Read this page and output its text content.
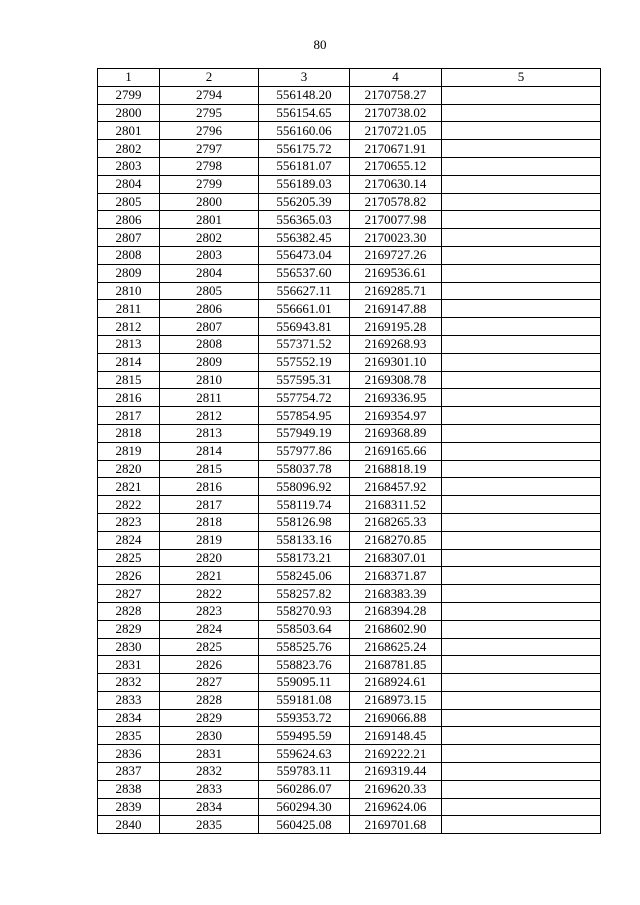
80
1	2	3	4	5
2799	2794	556148.20	2170758.27	
2800	2795	556154.65	2170738.02	
2801	2796	556160.06	2170721.05	
2802	2797	556175.72	2170671.91	
2803	2798	556181.07	2170655.12	
2804	2799	556189.03	2170630.14	
2805	2800	556205.39	2170578.82	
2806	2801	556365.03	2170077.98	
2807	2802	556382.45	2170023.30	
2808	2803	556473.04	2169727.26	
2809	2804	556537.60	2169536.61	
2810	2805	556627.11	2169285.71	
2811	2806	556661.01	2169147.88	
2812	2807	556943.81	2169195.28	
2813	2808	557371.52	2169268.93	
2814	2809	557552.19	2169301.10	
2815	2810	557595.31	2169308.78	
2816	2811	557754.72	2169336.95	
2817	2812	557854.95	2169354.97	
2818	2813	557949.19	2169368.89	
2819	2814	557977.86	2169165.66	
2820	2815	558037.78	2168818.19	
2821	2816	558096.92	2168457.92	
2822	2817	558119.74	2168311.52	
2823	2818	558126.98	2168265.33	
2824	2819	558133.16	2168270.85	
2825	2820	558173.21	2168307.01	
2826	2821	558245.06	2168371.87	
2827	2822	558257.82	2168383.39	
2828	2823	558270.93	2168394.28	
2829	2824	558503.64	2168602.90	
2830	2825	558525.76	2168625.24	
2831	2826	558823.76	2168781.85	
2832	2827	559095.11	2168924.61	
2833	2828	559181.08	2168973.15	
2834	2829	559353.72	2169066.88	
2835	2830	559495.59	2169148.45	
2836	2831	559624.63	2169222.21	
2837	2832	559783.11	2169319.44	
2838	2833	560286.07	2169620.33	
2839	2834	560294.30	2169624.06	
2840	2835	560425.08	2169701.68	
